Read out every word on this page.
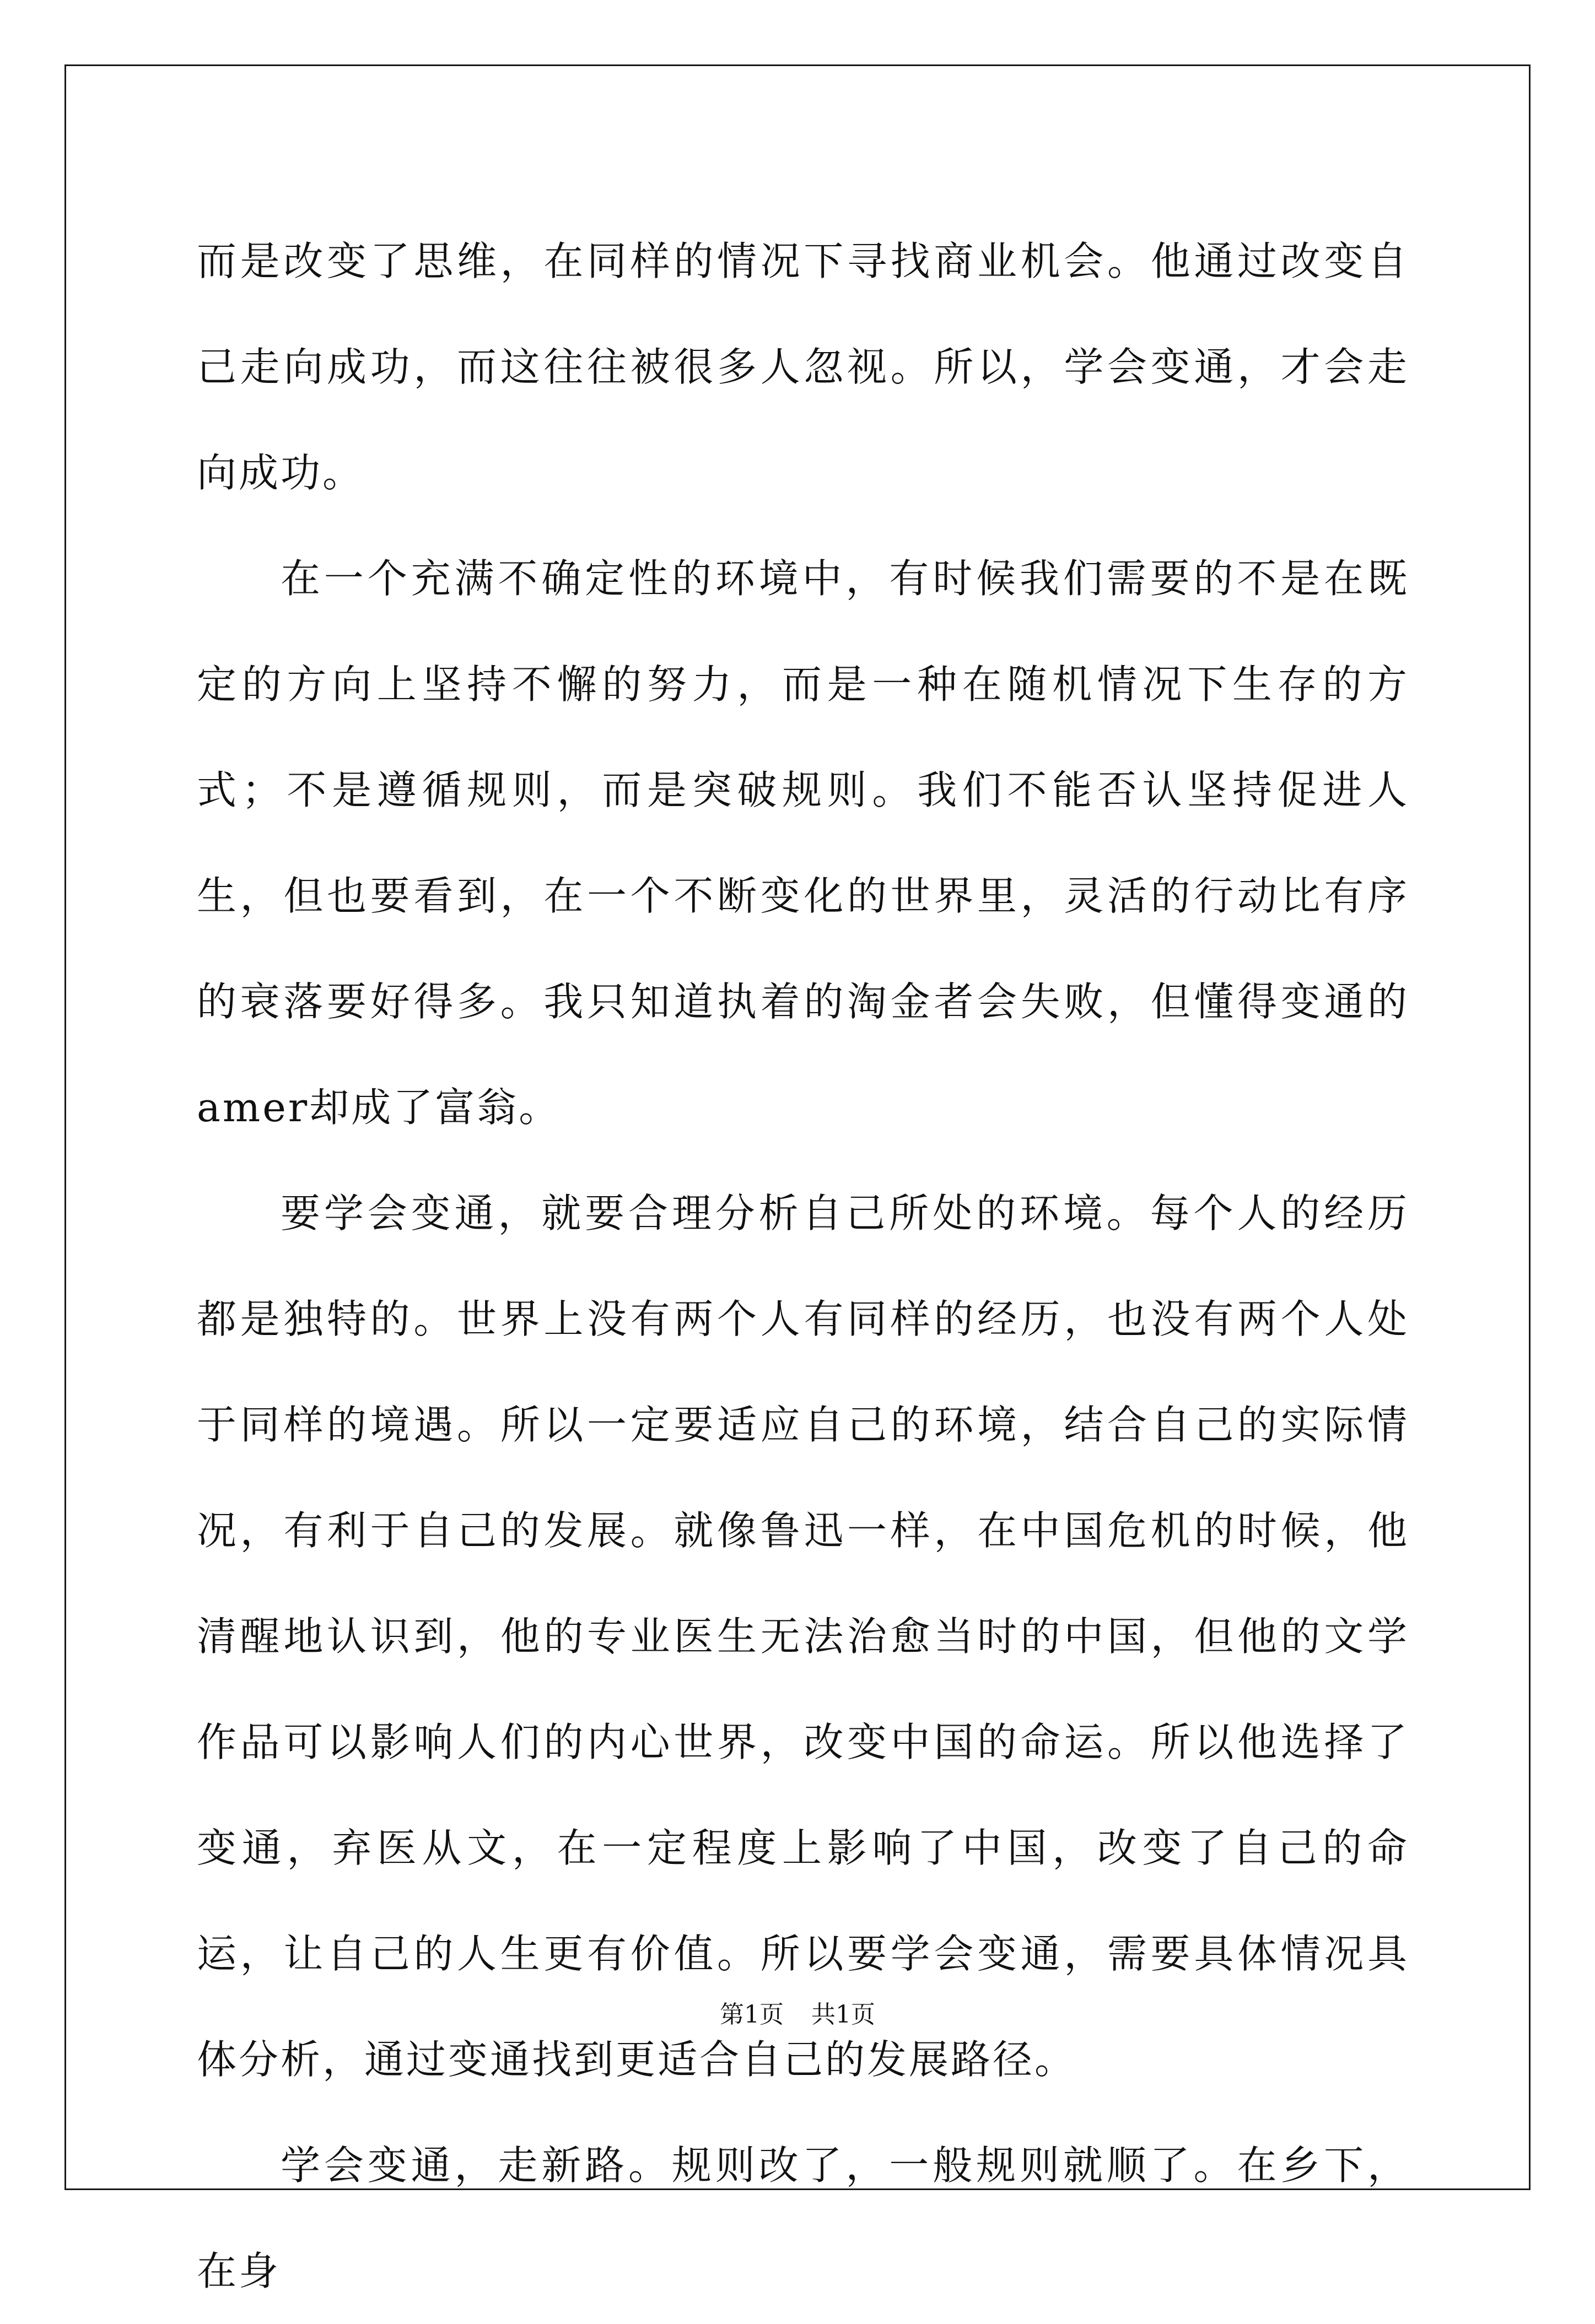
而是改变了思维，在同样的情况下寻找商业机会。他通过改变自己走向成功，而这往往被很多人忽视。所以，学会变通，才会走向成功。

在一个充满不确定性的环境中，有时候我们需要的不是在既定的方向上坚持不懈的努力，而是一种在随机情况下生存的方式；不是遵循规则，而是突破规则。我们不能否认坚持促进人生，但也要看到，在一个不断变化的世界里，灵活的行动比有序的衰落要好得多。我只知道执着的淘金者会失败，但懂得变通的amer却成了富翁。

要学会变通，就要合理分析自己所处的环境。每个人的经历都是独特的。世界上没有两个人有同样的经历，也没有两个人处于同样的境遇。所以一定要适应自己的环境，结合自己的实际情况，有利于自己的发展。就像鲁迅一样，在中国危机的时候，他清醒地认识到，他的专业医生无法治愈当时的中国，但他的文学作品可以影响人们的内心世界，改变中国的命运。所以他选择了变通，弃医从文，在一定程度上影响了中国，改变了自己的命运，让自己的人生更有价值。所以要学会变通，需要具体情况具体分析，通过变通找到更适合自己的发展路径。

学会变通，走新路。规则改了，一般规则就顺了。在乡下，在身

第1页 共1页
